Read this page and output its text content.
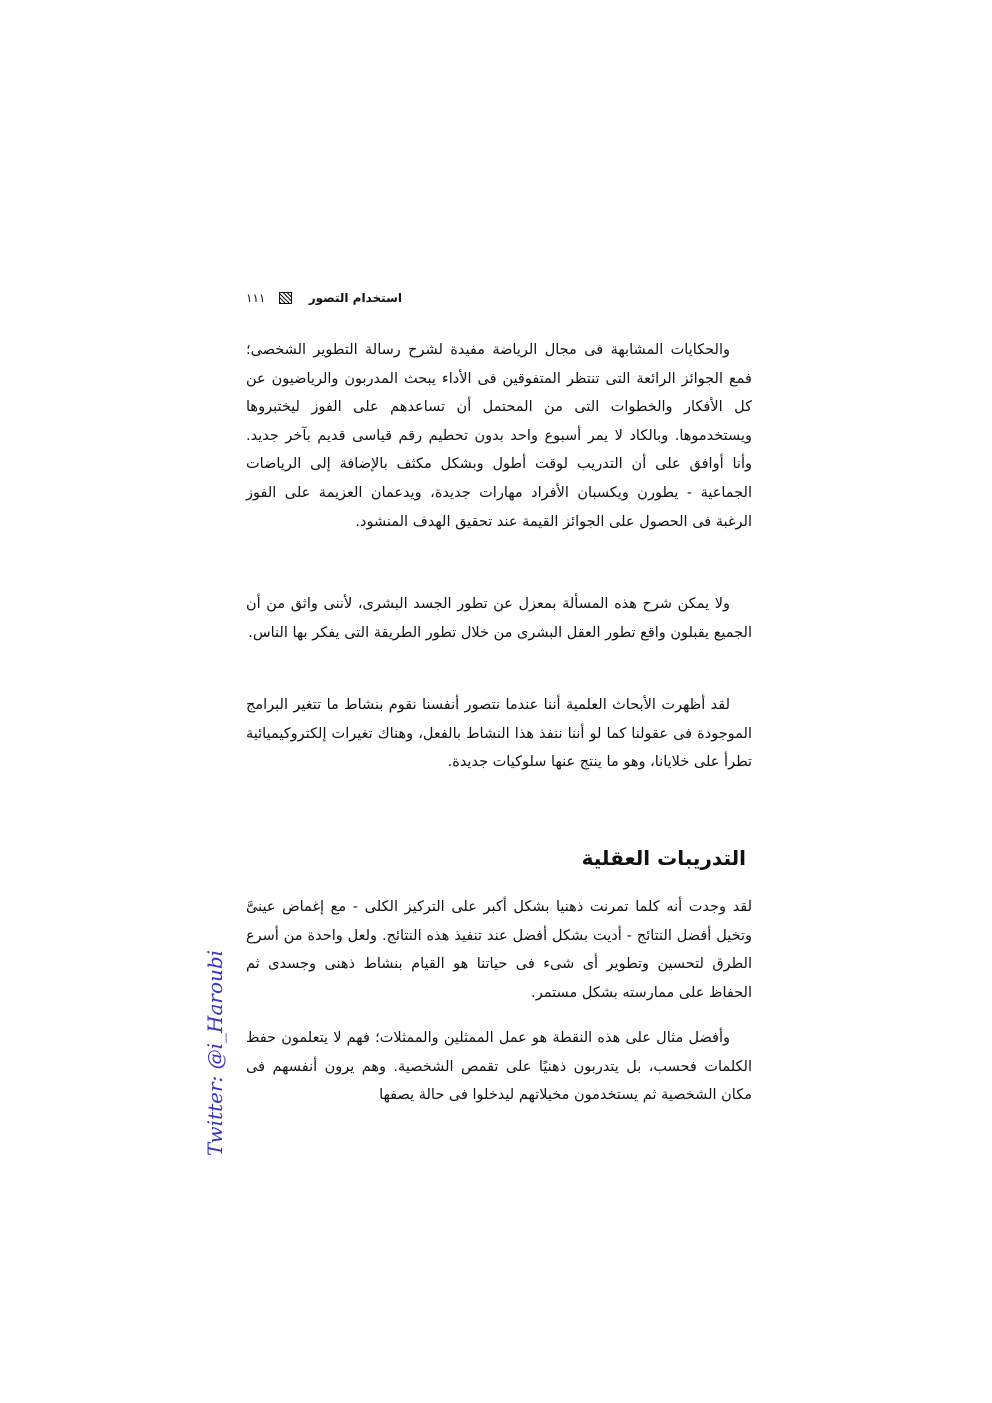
١١١	استخدام التصور

والحكايات المشابهة فى مجال الرياضة مفيدة لشرح رسالة التطوير الشخصى؛ فمع الجوائز الرائعة التى تنتظر المتفوقين فى الأداء يبحث المدربون والرياضيون عن كل الأفكار والخطوات التى من المحتمل أن تساعدهم على الفوز ليختبروها ويستخدموها. وبالكاد لا يمر أسبوع واحد بدون تحطيم رقم قياسى قديم بآخر جديد. وأنا أوافق على أن التدريب لوقت أطول وبشكل مكثف بالإضافة إلى الرياضات الجماعية - يطورن ويكسبان الأفراد مهارات جديدة، ويدعمان العزيمة على الفوز الرغبة فى الحصول على الجوائز القيمة عند تحقيق الهدف المنشود.

ولا يمكن شرح هذه المسألة بمعزل عن تطور الجسد البشرى، لأننى واثق من أن الجميع يقبلون واقع تطور العقل البشرى من خلال تطور الطريقة التى يفكر بها الناس.

لقد أظهرت الأبحاث العلمية أننا عندما نتصور أنفسنا نقوم بنشاط ما تتغير البرامج الموجودة فى عقولنا كما لو أننا ننفذ هذا النشاط بالفعل، وهناك تغيرات إلكتروكيميائية تطرأ على خلايانا، وهو ما ينتج عنها سلوكيات جديدة.

التدريبات العقلية

لقد وجدت أنه كلما تمرنت ذهنيا بشكل أكبر على التركيز الكلى - مع إغماض عينىَّ وتخيل أفضل النتائج - أديت بشكل أفضل عند تنفيذ هذه النتائج. ولعل واحدة من أسرع الطرق لتحسين وتطوير أى شىء فى حياتنا هو القيام بنشاط ذهنى وجسدى ثم الحفاظ على ممارسته بشكل مستمر.

وأفضل مثال على هذه النقطة هو عمل الممثلين والممثلات؛ فهم لا يتعلمون حفظ الكلمات فحسب، بل يتدربون ذهنيًا على تقمص الشخصية. وهم يرون أنفسهم فى مكان الشخصية ثم يستخدمون مخيلاتهم ليدخلوا فى حالة يصفها

Twitter: @i_Haroubi
